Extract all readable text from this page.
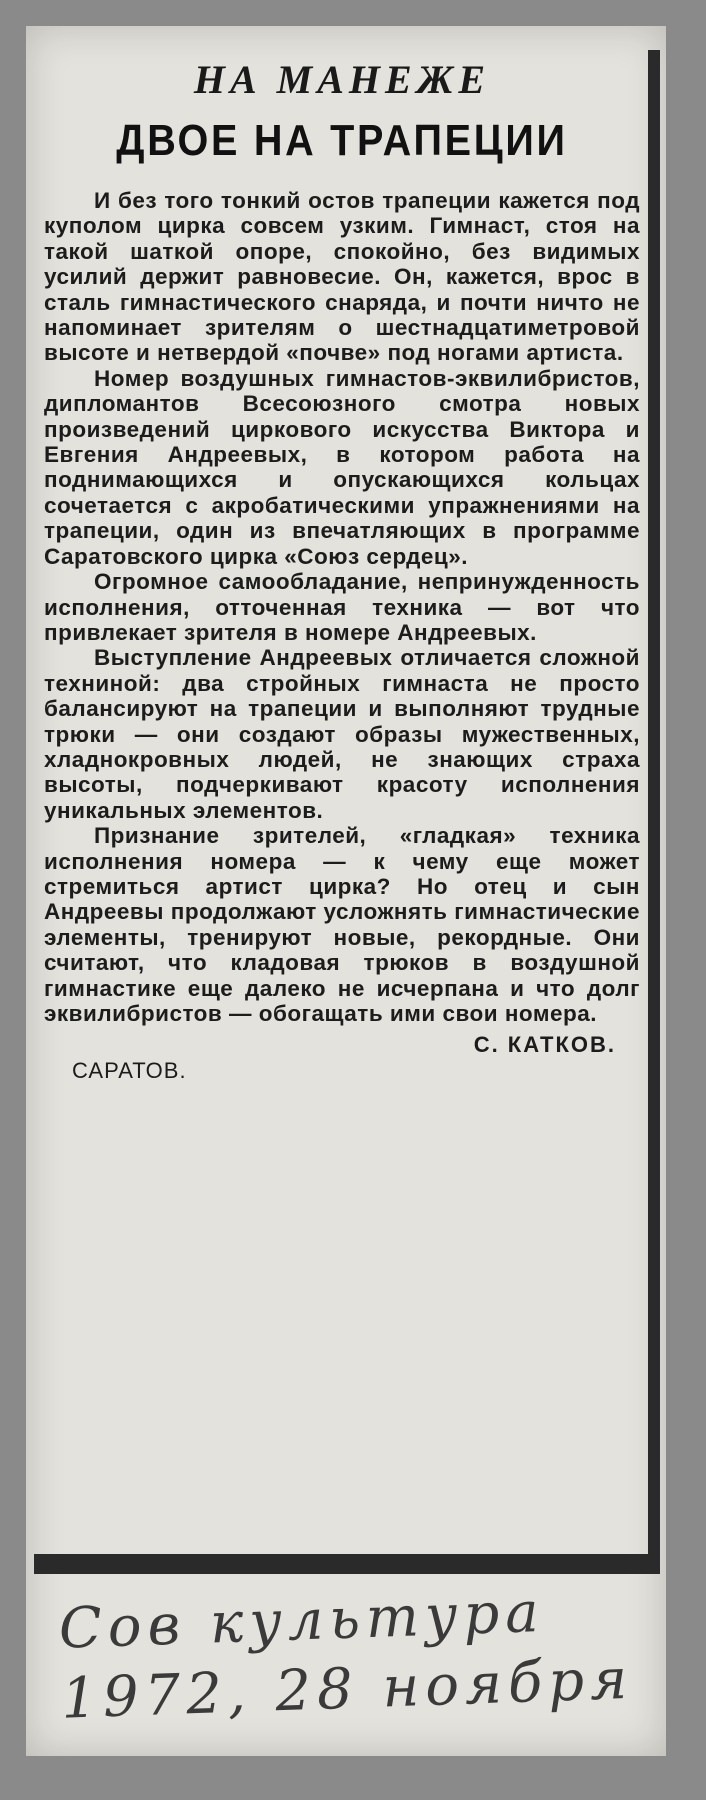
НА МАНЕЖЕ
ДВОЕ НА ТРАПЕЦИИ

И без того тонкий остов трапеции кажется под куполом цирка совсем узким. Гимнаст, стоя на такой шаткой опоре, спокойно, без видимых усилий держит равновесие. Он, кажется, врос в сталь гимнастического снаряда, и почти ничто не напоминает зрителям о шестнадцатиметровой высоте и нетвердой «почве» под ногами артиста.

Номер воздушных гимнастов-эквилибристов, дипломантов Всесоюзного смотра новых произведений циркового искусства Виктора и Евгения Андреевых, в котором работа на поднимающихся и опускающихся кольцах сочетается с акробатическими упражнениями на трапеции, один из впечатляющих в программе Саратовского цирка «Союз сердец».

Огромное самообладание, непринужденность исполнения, отточенная техника — вот что привлекает зрителя в номере Андреевых.

Выступление Андреевых отличается сложной техниной: два стройных гимнаста не просто балансируют на трапеции и выполняют трудные трюки — они создают образы мужественных, хладнокровных людей, не знающих страха высоты, подчеркивают красоту исполнения уникальных элементов.

Признание зрителей, «гладкая» техника исполнения номера — к чему еще может стремиться артист цирка? Но отец и сын Андреевы продолжают усложнять гимнастические элементы, тренируют новые, рекордные. Они считают, что кладовая трюков в воздушной гимнастике еще далеко не исчерпана и что долг эквилибристов — обогащать ими свои номера.

С. КАТКОВ.
САРАТОВ.
Сов культура
1972, 28 ноября
